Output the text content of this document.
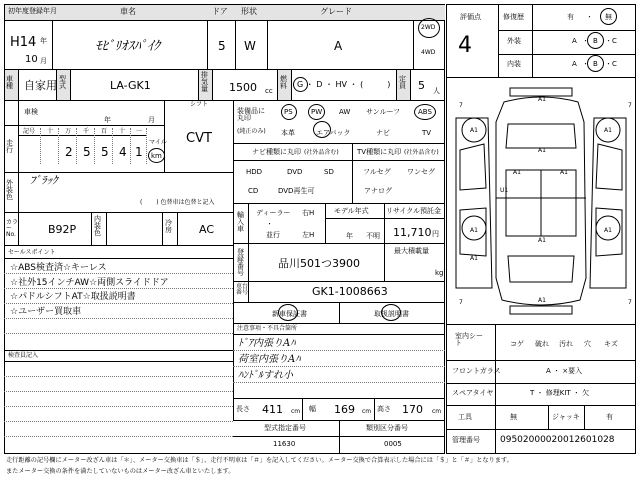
初年度登録年月	車名	ドア 形状	グレード
H14 年
10 月
ﾓﾋﾞﾘｵｽﾊﾟｲｸ	5 W	A
2WD
4WD
車種 自家用 型式	LA-GK1
排気量 1500 cc
燃料	G ・ D ・ HV ・ (　　　)
定員 5 人
車検
年	月
シフト
CVT
走行
記号 十 万 千 百 十 一
2 5 5 4 1
マイル
km
外装色
ﾌﾞﾗｯｸ
( 　　) 色替車は色替と記入
カラーNo.	B92P
内装色
冷房 AC
セールスポイント
☆ABS検査済☆キーレス
☆社外15インチAW☆両側スライドドア
☆パドルシフトAT☆取扱説明書
☆ユーザー買取車
検査員記入
装備品に丸印
(純正のみ)
PS	PW AW サンルーフ	ABS
本革	エアバック	ナビ	TV
ナビ種類に丸印 (社外品含む)	TV種類に丸印 (社外品含む)
HDD	DVD	SD
CD	DVD再生可
フルセグ ワンセグ
アナログ
輸入車
ディーラー
並行
・
右H
左H
モデル年式
年 不明
リサイクル預託金
11,710 円
登録番号
品川501つ3900
最大積載量
kg
車台番号	GK1-1008663
新車保証書	取扱説明書
注意事項・不具合箇所
ﾄﾞｱ内張りAﾊ
荷室内張りAﾊ
ﾊﾝﾄﾞﾙすれ小
長さ 411 cm 幅 169 cm 高さ 170 cm
型式指定番号
11630
類別区分番号
0005
評価点
4
修復歴	有 ・ 無
外装	A ・ B ・ C
内装	A ・ B ・ C
7	7
7	7
A1
A1	A1
A1
A1	A1
U1
A1	A1
A1
A1
A1
室内シート	コゲ 破れ 汚れ 穴 キズ
フロントガラス	A ・ ×要入
スペアタイヤ	T ・ 修理KIT ・ 欠
工具	無	ジャッキ	有
管理番号 09502000020012601028
走行距離の記号欄にメーター改ざん車は「＊」、メーター交換車は「＄」、走行不明車は「＃」を記入してください。メーター交換で合算表示した場合には「＄」と「＃」となります。
またメーター交換の条件を満たしていないものはメーター改ざん車といたします。
